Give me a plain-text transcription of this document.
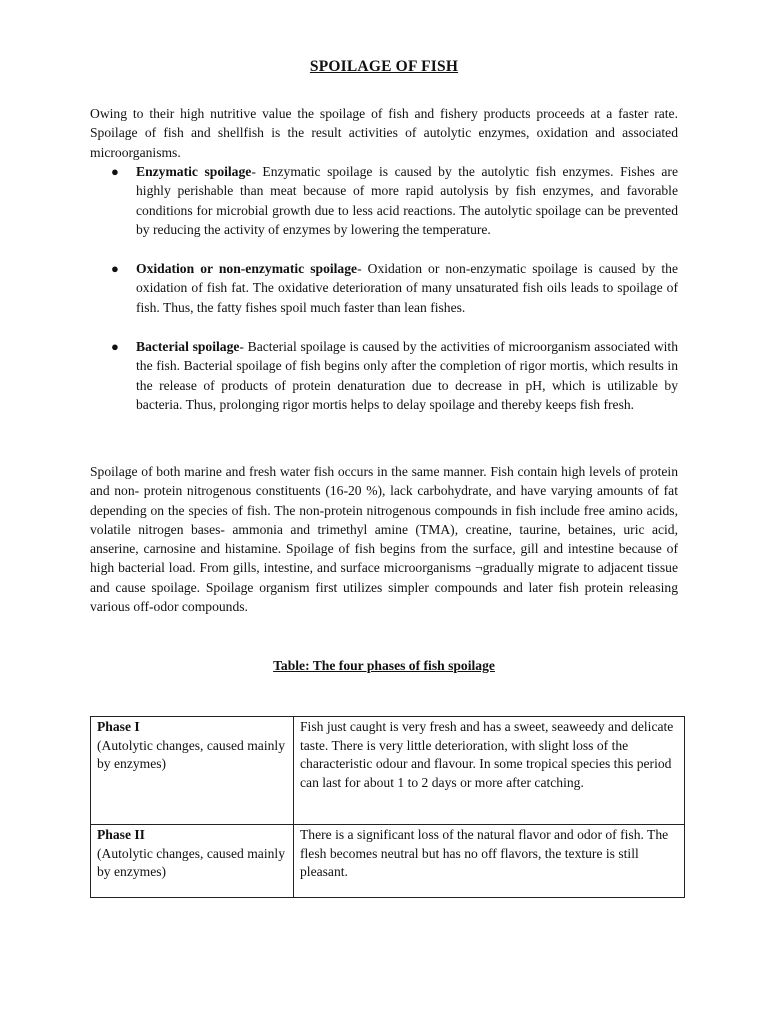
SPOILAGE OF FISH

Owing to their high nutritive value the spoilage of fish and fishery products proceeds at a faster rate. Spoilage of fish and shellfish is the result activities of autolytic enzymes, oxidation and associated microorganisms.

● Enzymatic spoilage- Enzymatic spoilage is caused by the autolytic fish enzymes. Fishes are highly perishable than meat because of more rapid autolysis by fish enzymes, and favorable conditions for microbial growth due to less acid reactions. The autolytic spoilage can be prevented by reducing the activity of enzymes by lowering the temperature.
● Oxidation or non-enzymatic spoilage- Oxidation or non-enzymatic spoilage is caused by the oxidation of fish fat. The oxidative deterioration of many unsaturated fish oils leads to spoilage of fish. Thus, the fatty fishes spoil much faster than lean fishes.
● Bacterial spoilage- Bacterial spoilage is caused by the activities of microorganism associated with the fish. Bacterial spoilage of fish begins only after the completion of rigor mortis, which results in the release of products of protein denaturation due to decrease in pH, which is utilizable by bacteria. Thus, prolonging rigor mortis helps to delay spoilage and thereby keeps fish fresh.

Spoilage of both marine and fresh water fish occurs in the same manner. Fish contain high levels of protein and non- protein nitrogenous constituents (16-20 %), lack carbohydrate, and have varying amounts of fat depending on the species of fish. The non-protein nitrogenous compounds in fish include free amino acids, volatile nitrogen bases- ammonia and trimethyl amine (TMA), creatine, taurine, betaines, uric acid, anserine, carnosine and histamine. Spoilage of fish begins from the surface, gill and intestine because of high bacterial load. From gills, intestine, and surface microorganisms ¬gradually migrate to adjacent tissue and cause spoilage. Spoilage organism first utilizes simpler compounds and later fish protein releasing various off-odor compounds.

Table: The four phases of fish spoilage
Phase I
(Autolytic changes, caused mainly by enzymes)	Fish just caught is very fresh and has a sweet, seaweedy and delicate taste. There is very little deterioration, with slight loss of the characteristic odour and flavour. In some tropical species this period can last for about 1 to 2 days or more after catching.

Phase II
(Autolytic changes, caused mainly by enzymes)	There is a significant loss of the natural flavor and odor of fish. The flesh becomes neutral but has no off flavors, the texture is still pleasant.
